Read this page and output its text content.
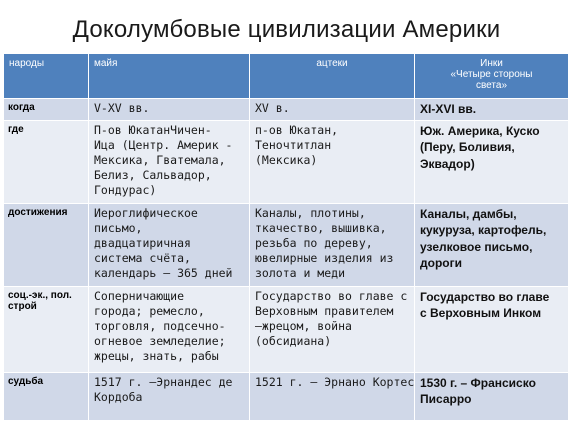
Доколумбовые цивилизации Америки
народы	майя	ацтеки	Инки
«Четыре стороны
света»

когда	V-XV вв.	XV в.	XI-XVI вв.

где	П-ов ЮкатанЧичен-
Ица (Центр. Америк -
Мексика, Гватемала,
Белиз, Сальвадор,
Гондурас)	п-ов Юкатан,
Теночтитлан
(Мексика)	Юж. Америка, Куско
(Перу, Боливия,
Эквадор)

достижения	Иероглифическое
письмо,
двадцатиричная
система счёта,
календарь – 365 дней	Каналы, плотины,
ткачество, вышивка,
резьба по дереву,
ювелирные изделия из
золота и меди	Каналы, дамбы,
кукуруза, картофель,
узелковое письмо,
дороги

соц.-эк., пол.
строй	Соперничающие
города; ремесло,
торговля, подсечно-
огневое земледелие;
жрецы, знать, рабы	Государство во главе с
Верховным правителем
–жрецом, война
(обсидиана)	Государство во главе
с Верховным Инком

судьба	1517 г. –Эрнандес де
Кордоба	1521 г. – Эрнано Кортес	1530 г. – Франсиско
Писарро
